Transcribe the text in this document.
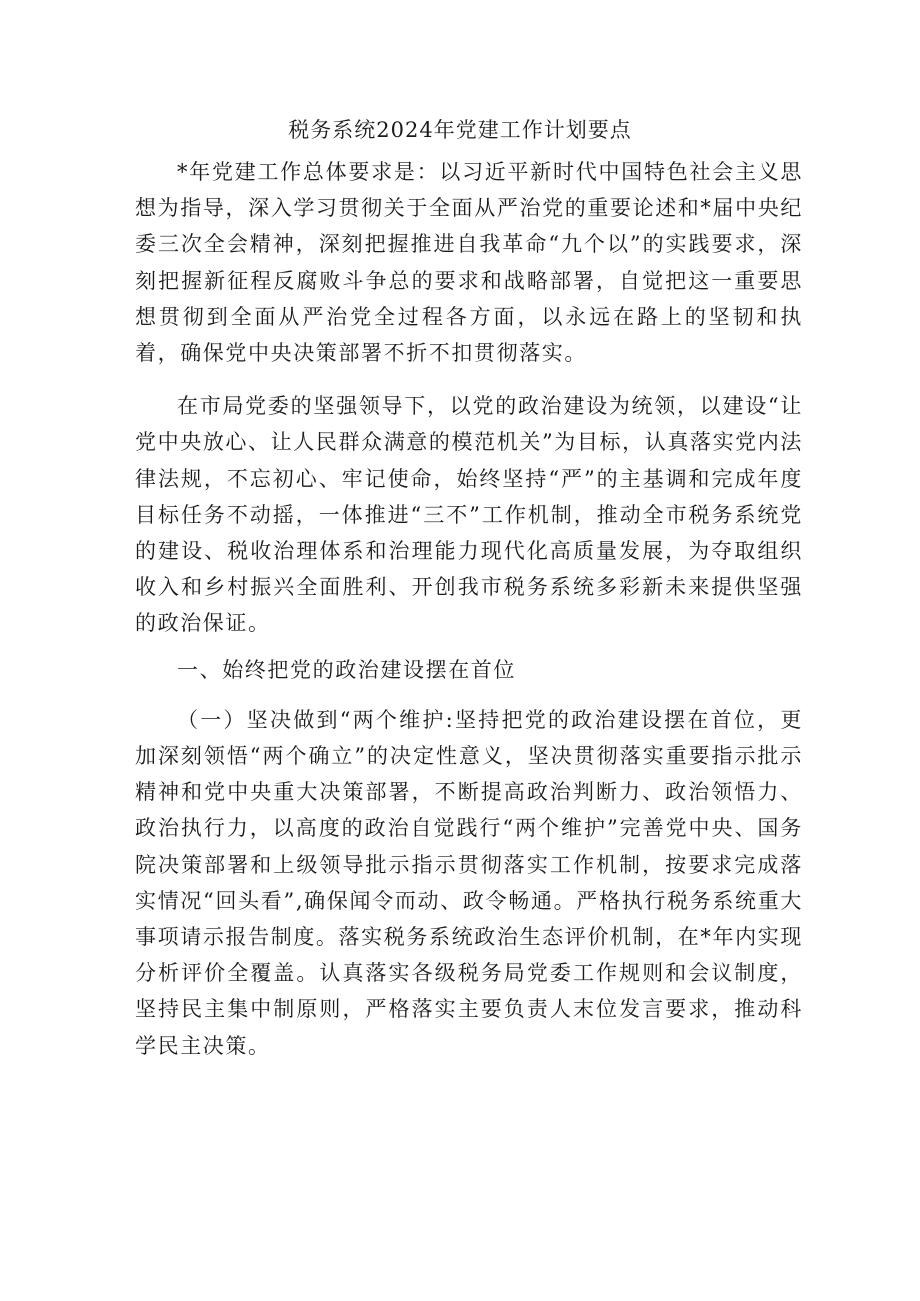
税务系统2024年党建工作计划要点

*年党建工作总体要求是：以习近平新时代中国特色社会主义思想为指导，深入学习贯彻关于全面从严治党的重要论述和*届中央纪委三次全会精神，深刻把握推进自我革命“九个以”的实践要求，深刻把握新征程反腐败斗争总的要求和战略部署，自觉把这一重要思想贯彻到全面从严治党全过程各方面，以永远在路上的坚韧和执着，确保党中央决策部署不折不扣贯彻落实。

在市局党委的坚强领导下，以党的政治建设为统领，以建设“让党中央放心、让人民群众满意的模范机关”为目标，认真落实党内法律法规，不忘初心、牢记使命，始终坚持“严”的主基调和完成年度目标任务不动摇，一体推进“三不”工作机制，推动全市税务系统党的建设、税收治理体系和治理能力现代化高质量发展，为夺取组织收入和乡村振兴全面胜利、开创我市税务系统多彩新未来提供坚强的政治保证。

一、始终把党的政治建设摆在首位

（一）坚决做到“两个维护:坚持把党的政治建设摆在首位，更加深刻领悟“两个确立”的决定性意义，坚决贯彻落实重要指示批示精神和党中央重大决策部署，不断提高政治判断力、政治领悟力、政治执行力，以高度的政治自觉践行“两个维护”完善党中央、国务院决策部署和上级领导批示指示贯彻落实工作机制，按要求完成落实情况“回头看”,确保闻令而动、政令畅通。严格执行税务系统重大事项请示报告制度。落实税务系统政治生态评价机制，在*年内实现分析评价全覆盖。认真落实各级税务局党委工作规则和会议制度，坚持民主集中制原则，严格落实主要负责人末位发言要求，推动科学民主决策。
